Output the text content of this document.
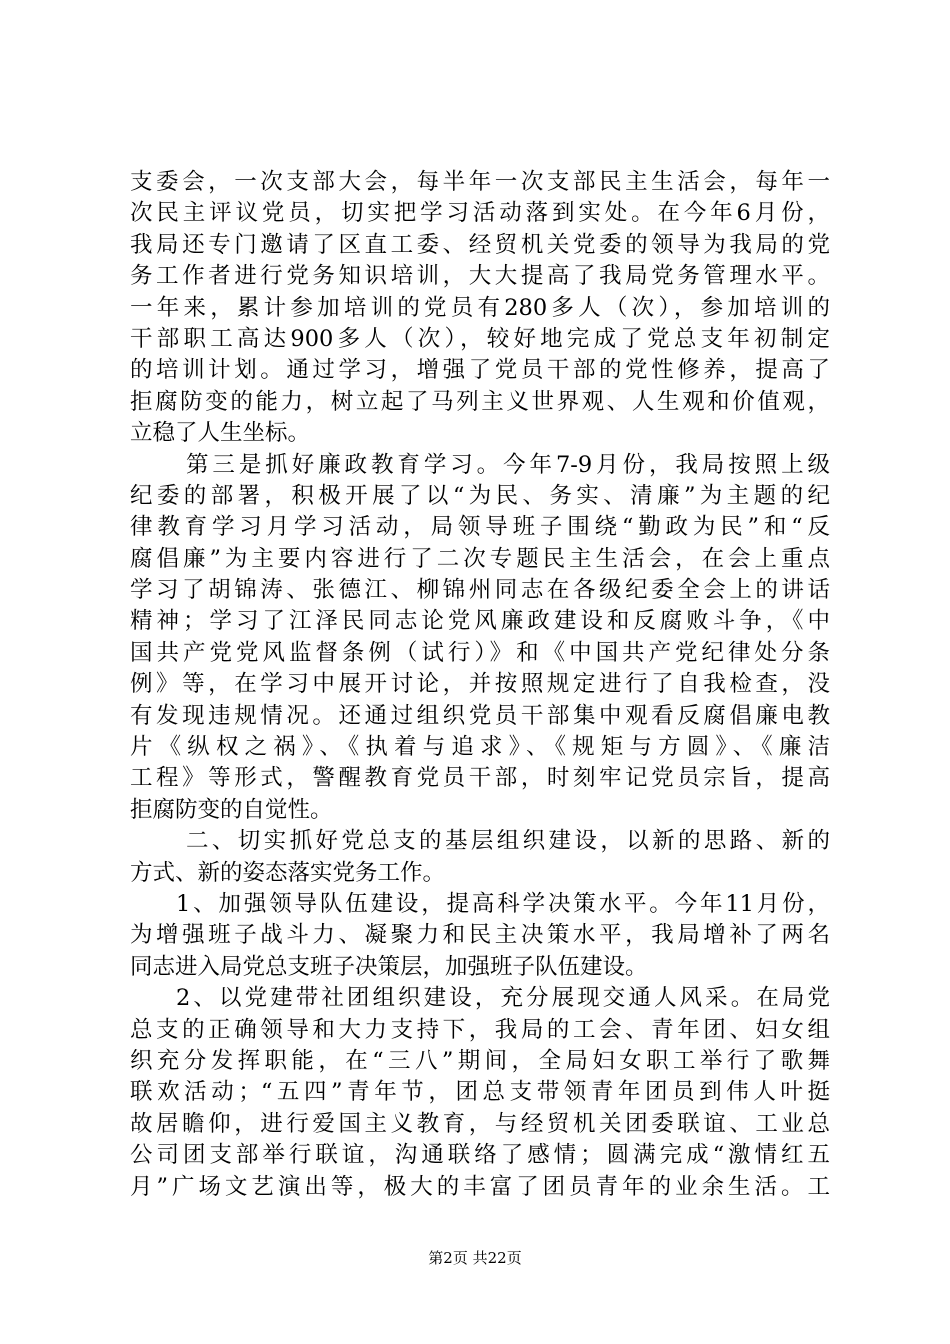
支委会，一次支部大会，每半年一次支部民主生活会，每年一
次民主评议党员，切实把学习活动落到实处。在今年6月份，
我局还专门邀请了区直工委、经贸机关党委的领导为我局的党
务工作者进行党务知识培训，大大提高了我局党务管理水平。
一年来，累计参加培训的党员有280多人（次），参加培训的
干部职工高达900多人（次），较好地完成了党总支年初制定
的培训计划。通过学习，增强了党员干部的党性修养，提高了
拒腐防变的能力，树立起了马列主义世界观、人生观和价值观，
立稳了人生坐标。
第三是抓好廉政教育学习。今年7-9月份，我局按照上级
纪委的部署，积极开展了以“为民、务实、清廉”为主题的纪
律教育学习月学习活动，局领导班子围绕“勤政为民”和“反
腐倡廉”为主要内容进行了二次专题民主生活会，在会上重点
学习了胡锦涛、张德江、柳锦州同志在各级纪委全会上的讲话
精神；学习了江泽民同志论党风廉政建设和反腐败斗争，《中
国共产党党风监督条例（试行）》和《中国共产党纪律处分条
例》等，在学习中展开讨论，并按照规定进行了自我检查，没
有发现违规情况。还通过组织党员干部集中观看反腐倡廉电教
片《纵权之祸》、《执着与追求》、《规矩与方圆》、《廉洁
工程》等形式，警醒教育党员干部，时刻牢记党员宗旨，提高
拒腐防变的自觉性。
二、切实抓好党总支的基层组织建设，以新的思路、新的
方式、新的姿态落实党务工作。
1、加强领导队伍建设，提高科学决策水平。今年11月份，
为增强班子战斗力、凝聚力和民主决策水平，我局增补了两名
同志进入局党总支班子决策层，加强班子队伍建设。
2、以党建带社团组织建设，充分展现交通人风采。在局党
总支的正确领导和大力支持下，我局的工会、青年团、妇女组
织充分发挥职能，在“三八”期间，全局妇女职工举行了歌舞
联欢活动；“五四”青年节，团总支带领青年团员到伟人叶挺
故居瞻仰，进行爱国主义教育，与经贸机关团委联谊、工业总
公司团支部举行联谊，沟通联络了感情；圆满完成“激情红五
月”广场文艺演出等，极大的丰富了团员青年的业余生活。工
第2页 共22页
